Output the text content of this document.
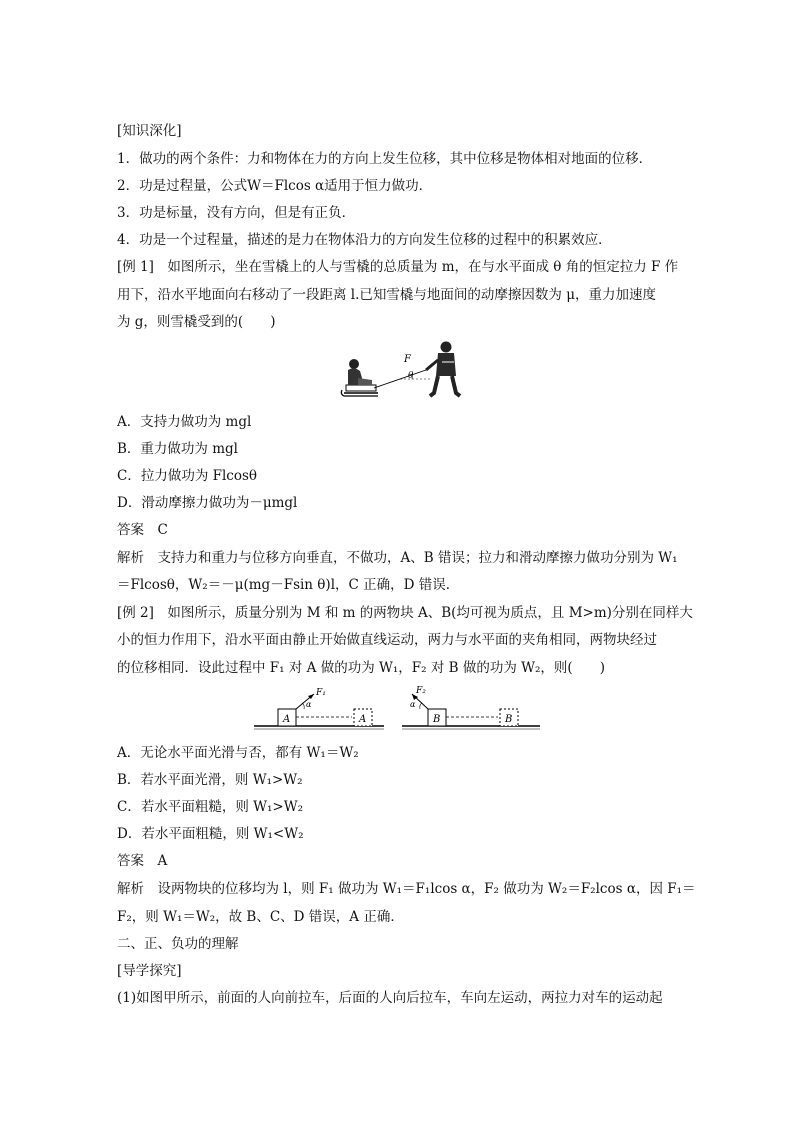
[知识深化]
1．做功的两个条件：力和物体在力的方向上发生位移，其中位移是物体相对地面的位移．
2．功是过程量，公式W＝Flcos α适用于恒力做功．
3．功是标量，没有方向，但是有正负．
4．功是一个过程量，描述的是力在物体沿力的方向发生位移的过程中的积累效应．
[例 1]　如图所示，坐在雪橇上的人与雪橇的总质量为 m，在与水平面成 θ 角的恒定拉力 F 作
用下，沿水平地面向右移动了一段距离 l.已知雪橇与地面间的动摩擦因数为 μ，重力加速度
为 g，则雪橇受到的(　　)
θ
F
A．支持力做功为 mgl
B．重力做功为 mgl
C．拉力做功为 Flcosθ
D．滑动摩擦力做功为－μmgl
答案　C
解析　支持力和重力与位移方向垂直，不做功，A、B 错误；拉力和滑动摩擦力做功分别为 W₁
＝Flcosθ，W₂＝－μ(mg－Fsin θ)l，C 正确，D 错误．
[例 2]　如图所示，质量分别为 M 和 m 的两物块 A、B(均可视为质点，且 M>m)分别在同样大
小的恒力作用下，沿水平面由静止开始做直线运动，两力与水平面的夹角相同，两物块经过
的位移相同．设此过程中 F₁ 对 A 做的功为 W₁，F₂ 对 B 做的功为 W₂，则(　　)
A
F₁
α
A	B
F₂
α
B
A．无论水平面光滑与否，都有 W₁＝W₂
B．若水平面光滑，则 W₁>W₂
C．若水平面粗糙，则 W₁>W₂
D．若水平面粗糙，则 W₁<W₂
答案　A
解析　设两物块的位移均为 l，则 F₁ 做功为 W₁＝F₁lcos α，F₂ 做功为 W₂＝F₂lcos α，因 F₁＝
F₂，则 W₁＝W₂，故 B、C、D 错误，A 正确．
二、正、负功的理解
[导学探究]
(1)如图甲所示，前面的人向前拉车，后面的人向后拉车，车向左运动，两拉力对车的运动起
